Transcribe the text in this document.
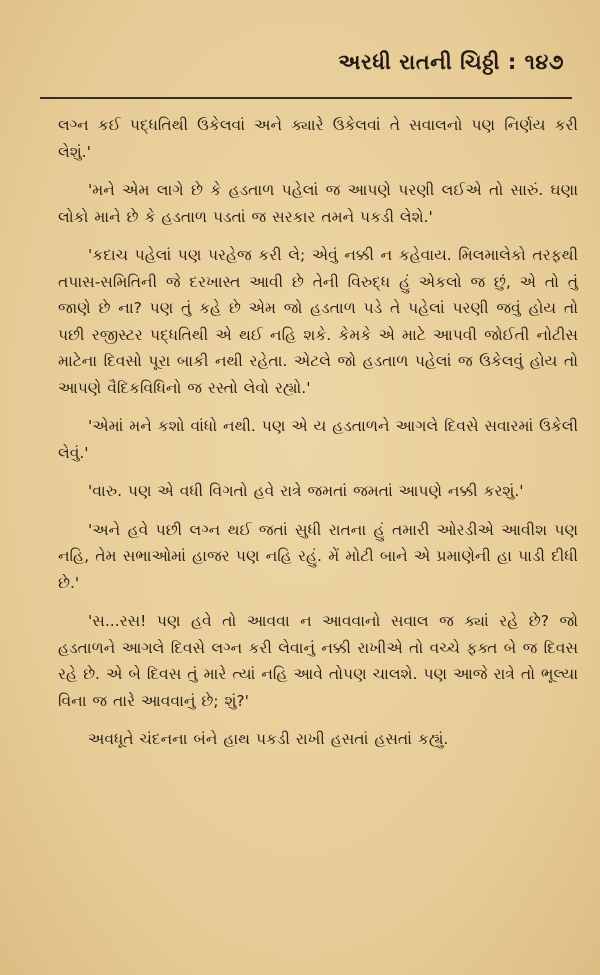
અરધી રાતની ચિઠ્ઠી : ૧૪૭

લગ્ન કઈ પદ્ધતિથી ઉકેલવાં અને ક્યારે ઉકેલવાં તે સવાલનો પણ નિર્ણય કરી લેશું.'

'મને એમ લાગે છે કે હડતાળ પહેલાં જ આપણે પરણી લઈએ તો સારું. ઘણા લોકો માને છે કે હડતાળ પડતાં જ સરકાર તમને પકડી લેશે.'

'કદાચ પહેલાં પણ પરહેજ કરી લે; એવું નક્કી ન કહેવાય. મિલમાલેકો તરફથી તપાસ-સમિતિની જે દરખાસ્ત આવી છે તેની વિરુદ્ધ હું એકલો જ છું, એ તો તું જાણે છે ના? પણ તું કહે છે એમ જો હડતાળ પડે તે પહેલાં પરણી જવું હોય તો પછી રજીસ્ટર પદ્ધતિથી એ થઈ નહિ શકે. કેમકે એ માટે આપવી જોઈતી નોટીસ માટેના દિવસો પૂરા બાકી નથી રહેતા. એટલે જો હડતાળ પહેલાં જ ઉકેલવું હોય તો આપણે વૈદિકવિધિનો જ રસ્તો લેવો રહ્યો.'

'એમાં મને કશો વાંધો નથી. પણ એ ય હડતાળને આગલે દિવસે સવારમાં ઉકેલી લેવું.'

'વારુ. પણ એ વધી વિગતો હવે રાત્રે જમતાં જમતાં આપણે નક્કી કરશું.'

'અને હવે પછી લગ્ન થઈ જતાં સુધી રાતના હું તમારી ઓરડીએ આવીશ પણ નહિ, તેમ સભાઓમાં હાજર પણ નહિ રહું. મેં મોટી બાને એ પ્રમાણેની હા પાડી દીધી છે.'

'સ...રસ! પણ હવે તો આવવા ન આવવાનો સવાલ જ ક્યાં રહે છે? જો હડતાળને આગલે દિવસે લગ્ન કરી લેવાનું નક્કી રાખીએ તો વચ્ચે ફક્ત બે જ દિવસ રહે છે. એ બે દિવસ તું મારે ત્યાં નહિ આવે તોપણ ચાલશે. પણ આજે રાત્રે તો ભૂલ્યા વિના જ તારે આવવાનું છે; શું?'

અવધૂતે ચંદનના બંને હાથ પકડી રાખી હસતાં હસતાં કહ્યું.
